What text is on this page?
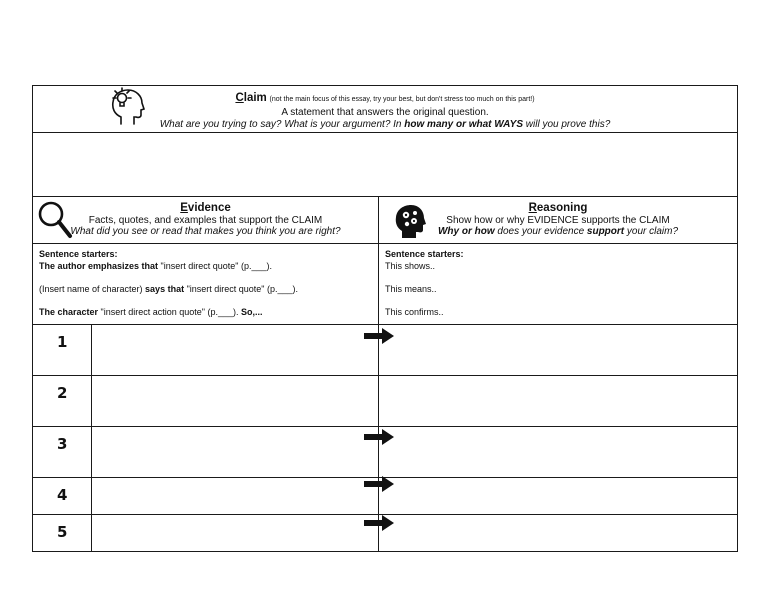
Claim (not the main focus of this essay, try your best, but don't stress too much on this part!)
A statement that answers the original question.
What are you trying to say? What is your argument? In how many or what WAYS will you prove this?
Evidence
Facts, quotes, and examples that support the CLAIM
What did you see or read that makes you think you are right?
Reasoning
Show how or why EVIDENCE supports the CLAIM
Why or how does your evidence support your claim?
Sentence starters:
The author emphasizes that "insert direct quote" (p.___).
(Insert name of character) says that "insert direct quote" (p.___).
The character "insert direct action quote" (p.___). So,...
Sentence starters:
This shows..
This means..
This confirms..
1
2
3
4
5
